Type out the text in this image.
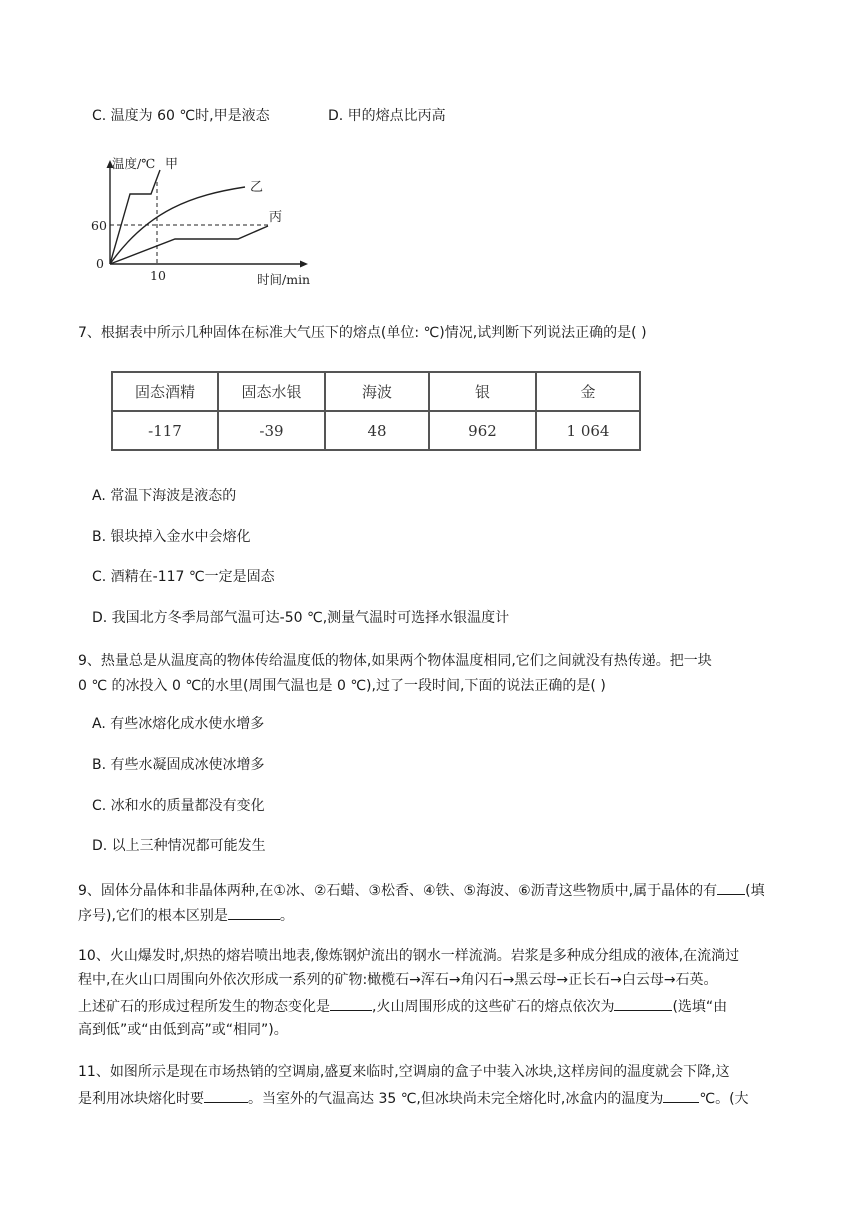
C. 温度为 60 ℃时,甲是液态	D. 甲的熔点比丙高
温度/℃ 甲
乙
丙
60
0
10	时间/min
7、根据表中所示几种固体在标准大气压下的熔点(单位: ℃)情况,试判断下列说法正确的是( )
固态酒精	固态水银	海波	银	金
-117	-39	48	962	1 064
A. 常温下海波是液态的
B. 银块掉入金水中会熔化
C. 酒精在-117 ℃一定是固态
D. 我国北方冬季局部气温可达-50 ℃,测量气温时可选择水银温度计
9、热量总是从温度高的物体传给温度低的物体,如果两个物体温度相同,它们之间就没有热传递。把一块
0 ℃ 的冰投入 0 ℃的水里(周围气温也是 0 ℃),过了一段时间,下面的说法正确的是( )
A. 有些冰熔化成水使水增多
B. 有些水凝固成冰使冰增多
C. 冰和水的质量都没有变化
D. 以上三种情况都可能发生
9、固体分晶体和非晶体两种,在①冰、②石蜡、③松香、④铁、⑤海波、⑥沥青这些物质中,属于晶体的有 (填
序号),它们的根本区别是	。
10、火山爆发时,炽热的熔岩喷出地表,像炼钢炉流出的钢水一样流淌。岩浆是多种成分组成的液体,在流淌过
程中,在火山口周围向外依次形成一系列的矿物:橄榄石→浑石→角闪石→黑云母→正长石→白云母→石英。
上述矿石的形成过程所发生的物态变化是	,火山周围形成的这些矿石的熔点依次为	(选填“由
高到低”或“由低到高”或“相同”)。
11、如图所示是现在市场热销的空调扇,盛夏来临时,空调扇的盒子中装入冰块,这样房间的温度就会下降,这
是利用冰块熔化时要	。当室外的气温高达 35 ℃,但冰块尚未完全熔化时,冰盒内的温度为	℃。(大
